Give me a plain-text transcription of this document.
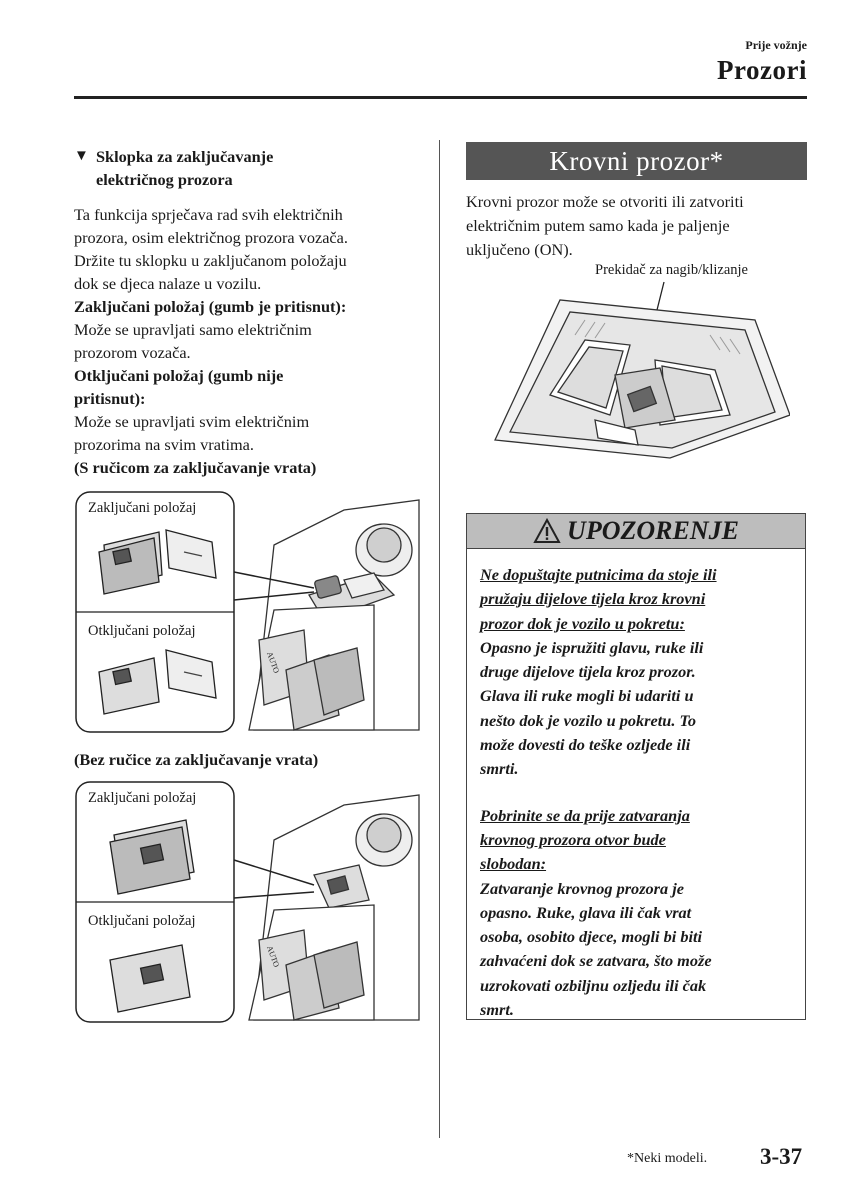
Prije vožnje
Prozori
▼ Sklopka za zaključavanje
električnog prozora

Ta funkcija sprječava rad svih električnih
prozora, osim električnog prozora vozača.
Držite tu sklopku u zaključanom položaju
dok se djeca nalaze u vozilu.

Zaključani položaj (gumb je pritisnut):

Može se upravljati samo električnim
prozorom vozača.

Otključani položaj (gumb nije
pritisnut):

Može se upravljati svim električnim
prozorima na svim vratima.

(S ručicom za zaključavanje vrata)

Zaključani položaj
Otključani položaj
AUTO
(Bez ručice za zaključavanje vrata)
Zaključani položaj
Otključani položaj
AUTO
Krovni prozor*

Krovni prozor može se otvoriti ili zatvoriti
električnim putem samo kada je paljenje
uključeno (ON).

Prekidač za nagib/klizanje
UPOZORENJE

Ne dopuštajte putnicima da stoje ili
pružaju dijelove tijela kroz krovni
prozor dok je vozilo u pokretu:

Opasno je ispružiti glavu, ruke ili
druge dijelove tijela kroz prozor.
Glava ili ruke mogli bi udariti u
nešto dok je vozilo u pokretu. To
može dovesti do teške ozljede ili
smrti.

Pobrinite se da prije zatvaranja
krovnog prozora otvor bude
slobodan:

Zatvaranje krovnog prozora je
opasno. Ruke, glava ili čak vrat
osoba, osobito djece, mogli bi biti
zahvaćeni dok se zatvara, što može
uzrokovati ozbiljnu ozljedu ili čak
smrt.

*Neki modeli. 3-37
